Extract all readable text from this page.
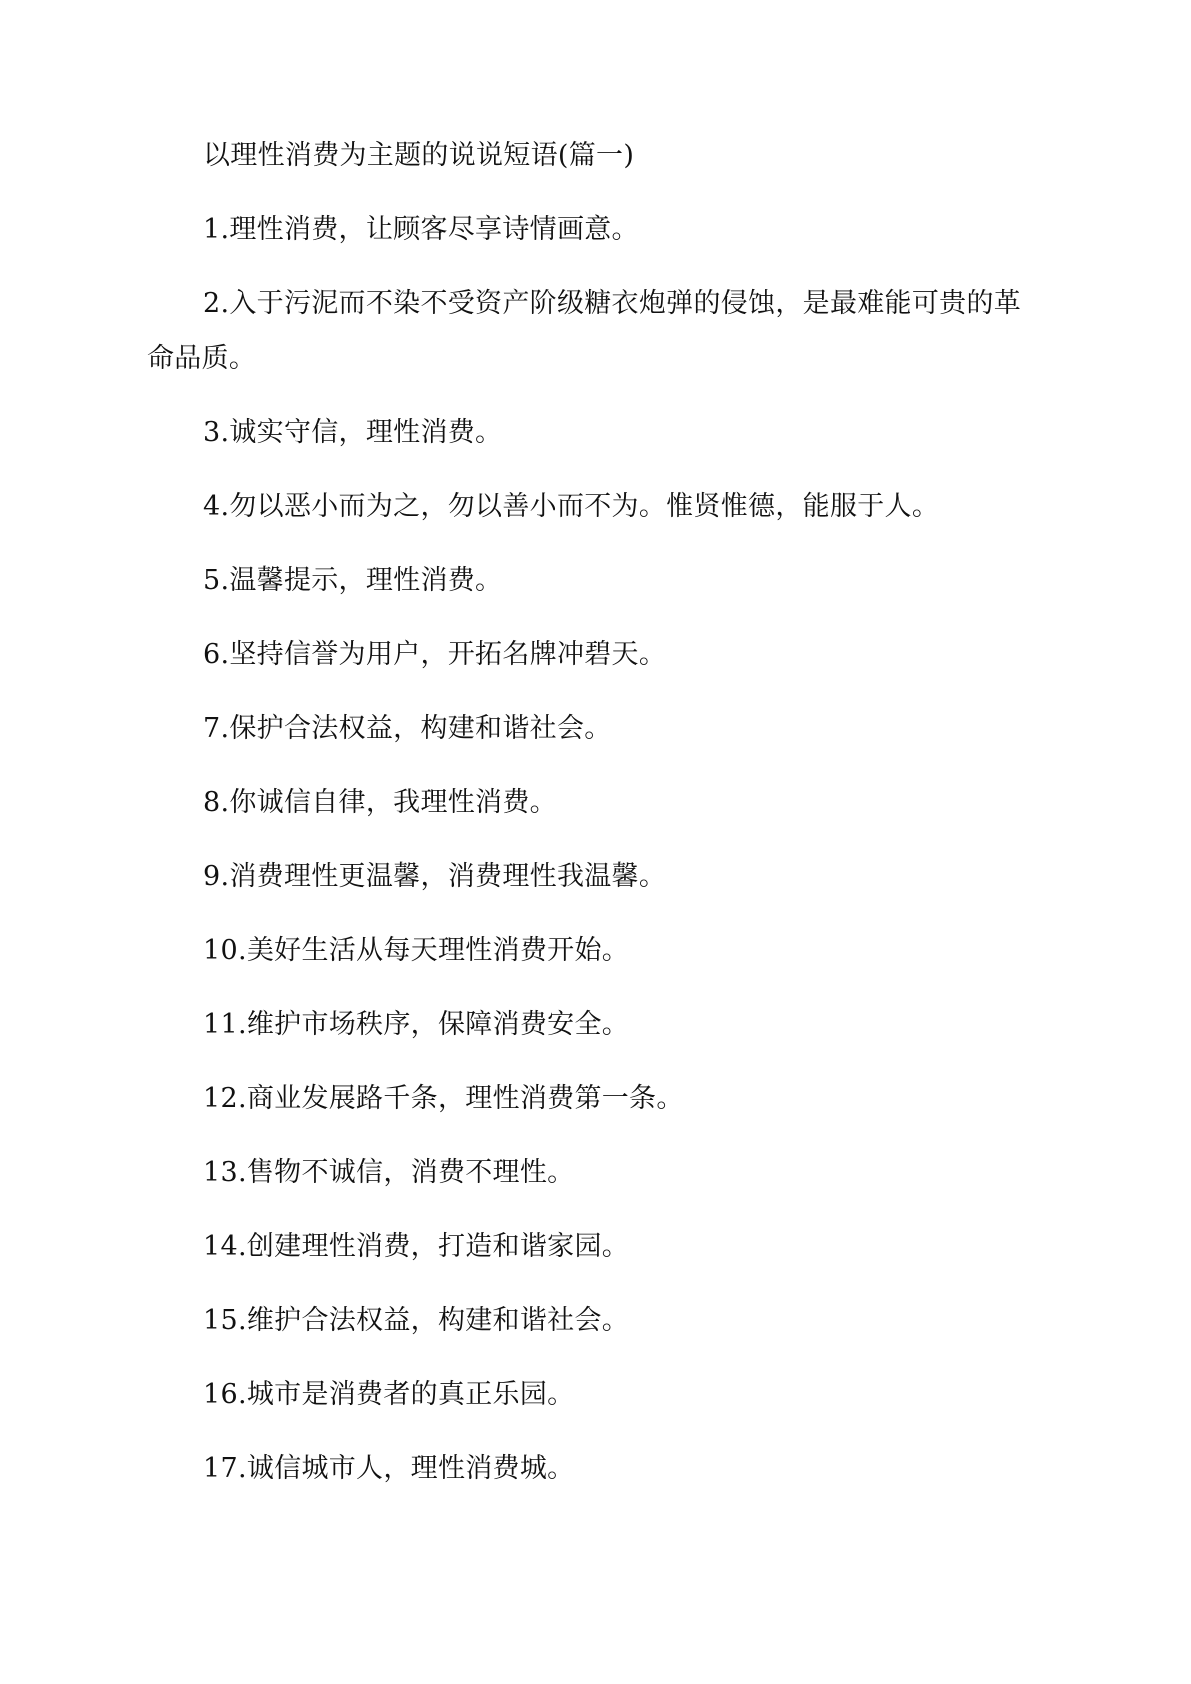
以理性消费为主题的说说短语(篇一)

1.理性消费，让顾客尽享诗情画意。

2.入于污泥而不染不受资产阶级糖衣炮弹的侵蚀，是最难能可贵的革命品质。

3.诚实守信，理性消费。

4.勿以恶小而为之，勿以善小而不为。惟贤惟德，能服于人。

5.温馨提示，理性消费。

6.坚持信誉为用户，开拓名牌冲碧天。

7.保护合法权益，构建和谐社会。

8.你诚信自律，我理性消费。

9.消费理性更温馨，消费理性我温馨。

10.美好生活从每天理性消费开始。

11.维护市场秩序，保障消费安全。

12.商业发展路千条，理性消费第一条。

13.售物不诚信，消费不理性。

14.创建理性消费，打造和谐家园。

15.维护合法权益，构建和谐社会。

16.城市是消费者的真正乐园。

17.诚信城市人，理性消费城。
